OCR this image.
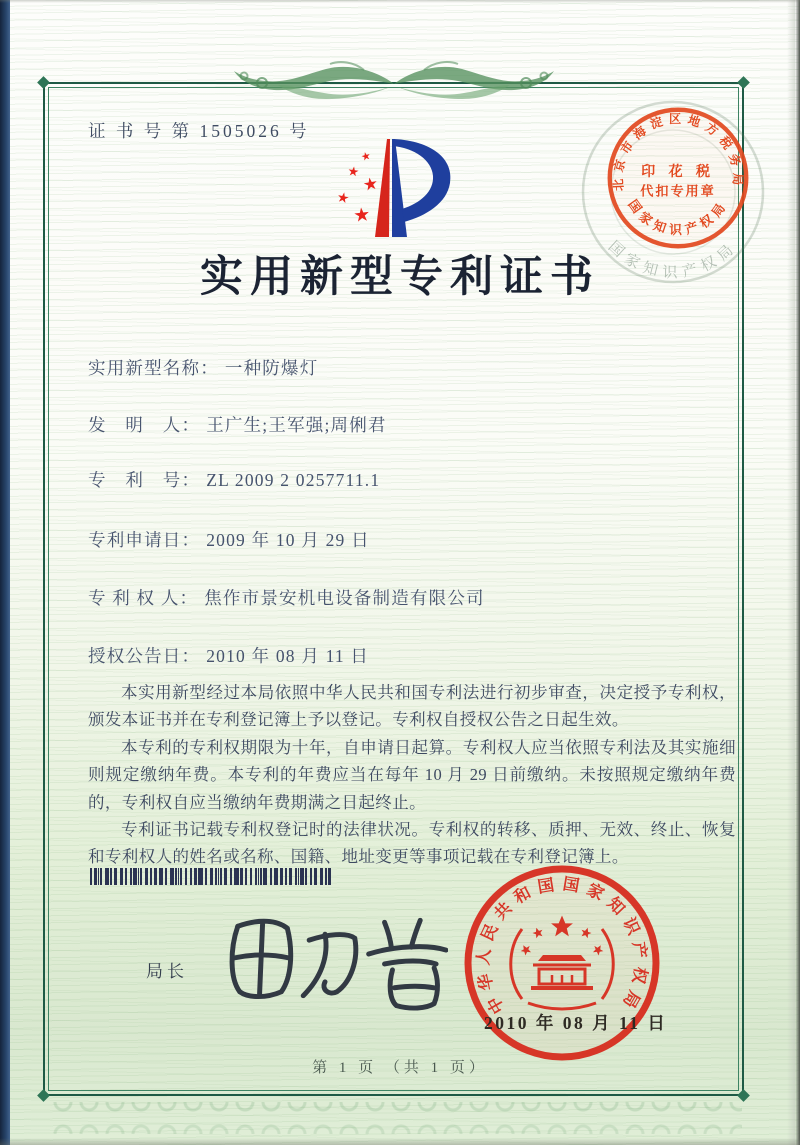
证 书 号 第 1505026 号
★
★
★
★
★
实用新型专利证书
实用新型名称： 一种防爆灯
发　明　人： 王广生;王军强;周俐君
专　利　号： ZL 2009 2 0257711.1
专利申请日： 2009 年 10 月 29 日
专 利 权 人： 焦作市景安机电设备制造有限公司
授权公告日： 2010 年 08 月 11 日

本实用新型经过本局依照中华人民共和国专利法进行初步审查，决定授予专利权，颁发本证书并在专利登记簿上予以登记。专利权自授权公告之日起生效。

本专利的专利权期限为十年，自申请日起算。专利权人应当依照专利法及其实施细则规定缴纳年费。本专利的年费应当在每年 10 月 29 日前缴纳。未按照规定缴纳年费的，专利权自应当缴纳年费期满之日起终止。

专利证书记载专利权登记时的法律状况。专利权的转移、质押、无效、终止、恢复和专利权人的姓名或名称、国籍、地址变更等事项记载在专利登记簿上。

局长
国家知识产权局
北京市海淀区地方税务局
印 花 税
代扣专用章
国家知识产权局
中华人民共和国国家知识产权局
2010 年 08 月 11 日
第 1 页 （共 1 页）
